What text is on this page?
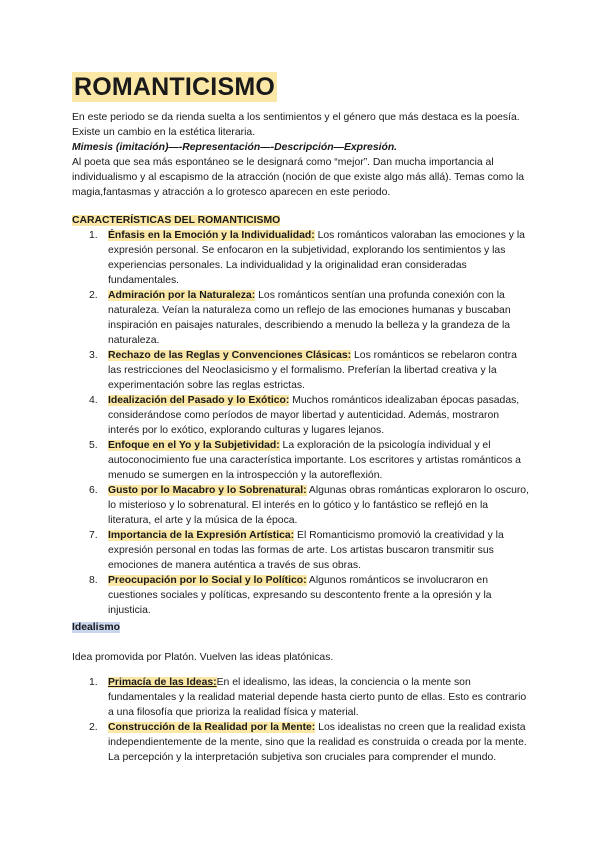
ROMANTICISMO

En este periodo se da rienda suelta a los sentimientos y el género que más destaca es la poesía. Existe un cambio en la estética literaria.
Mimesis (imitación)—-Representación—-Descripción—Expresión.
Al poeta que sea más espontáneo se le designará como “mejor”. Dan mucha importancia al individualismo y al escapismo de la atracción (noción de que existe algo más allá). Temas como la magia,fantasmas y atracción a lo grotesco aparecen en este periodo.

CARACTERÍSTICAS DEL ROMANTICISMO
1. Énfasis en la Emoción y la Individualidad: Los románticos valoraban las emociones y la expresión personal. Se enfocaron en la subjetividad, explorando los sentimientos y las experiencias personales. La individualidad y la originalidad eran consideradas fundamentales.
2. Admiración por la Naturaleza: Los románticos sentían una profunda conexión con la naturaleza. Veían la naturaleza como un reflejo de las emociones humanas y buscaban inspiración en paisajes naturales, describiendo a menudo la belleza y la grandeza de la naturaleza.
3. Rechazo de las Reglas y Convenciones Clásicas: Los románticos se rebelaron contra las restricciones del Neoclasicismo y el formalismo. Preferían la libertad creativa y la experimentación sobre las reglas estrictas.
4. Idealización del Pasado y lo Exótico: Muchos románticos idealizaban épocas pasadas, considerándose como períodos de mayor libertad y autenticidad. Además, mostraron interés por lo exótico, explorando culturas y lugares lejanos.
5. Enfoque en el Yo y la Subjetividad: La exploración de la psicología individual y el autoconocimiento fue una característica importante. Los escritores y artistas románticos a menudo se sumergen en la introspección y la autoreflexión.
6. Gusto por lo Macabro y lo Sobrenatural: Algunas obras románticas exploraron lo oscuro, lo misterioso y lo sobrenatural. El interés en lo gótico y lo fantástico se reflejó en la literatura, el arte y la música de la época.
7. Importancia de la Expresión Artística: El Romanticismo promovió la creatividad y la expresión personal en todas las formas de arte. Los artistas buscaron transmitir sus emociones de manera auténtica a través de sus obras.
8. Preocupación por lo Social y lo Político: Algunos románticos se involucraron en cuestiones sociales y políticas, expresando su descontento frente a la opresión y la injusticia.
Idealismo

Idea promovida por Platón. Vuelven las ideas platónicas.

1. Primacía de las Ideas:En el idealismo, las ideas, la conciencia o la mente son fundamentales y la realidad material depende hasta cierto punto de ellas. Esto es contrario a una filosofía que prioriza la realidad física y material.
2. Construcción de la Realidad por la Mente: Los idealistas no creen que la realidad exista independientemente de la mente, sino que la realidad es construida o creada por la mente. La percepción y la interpretación subjetiva son cruciales para comprender el mundo.
